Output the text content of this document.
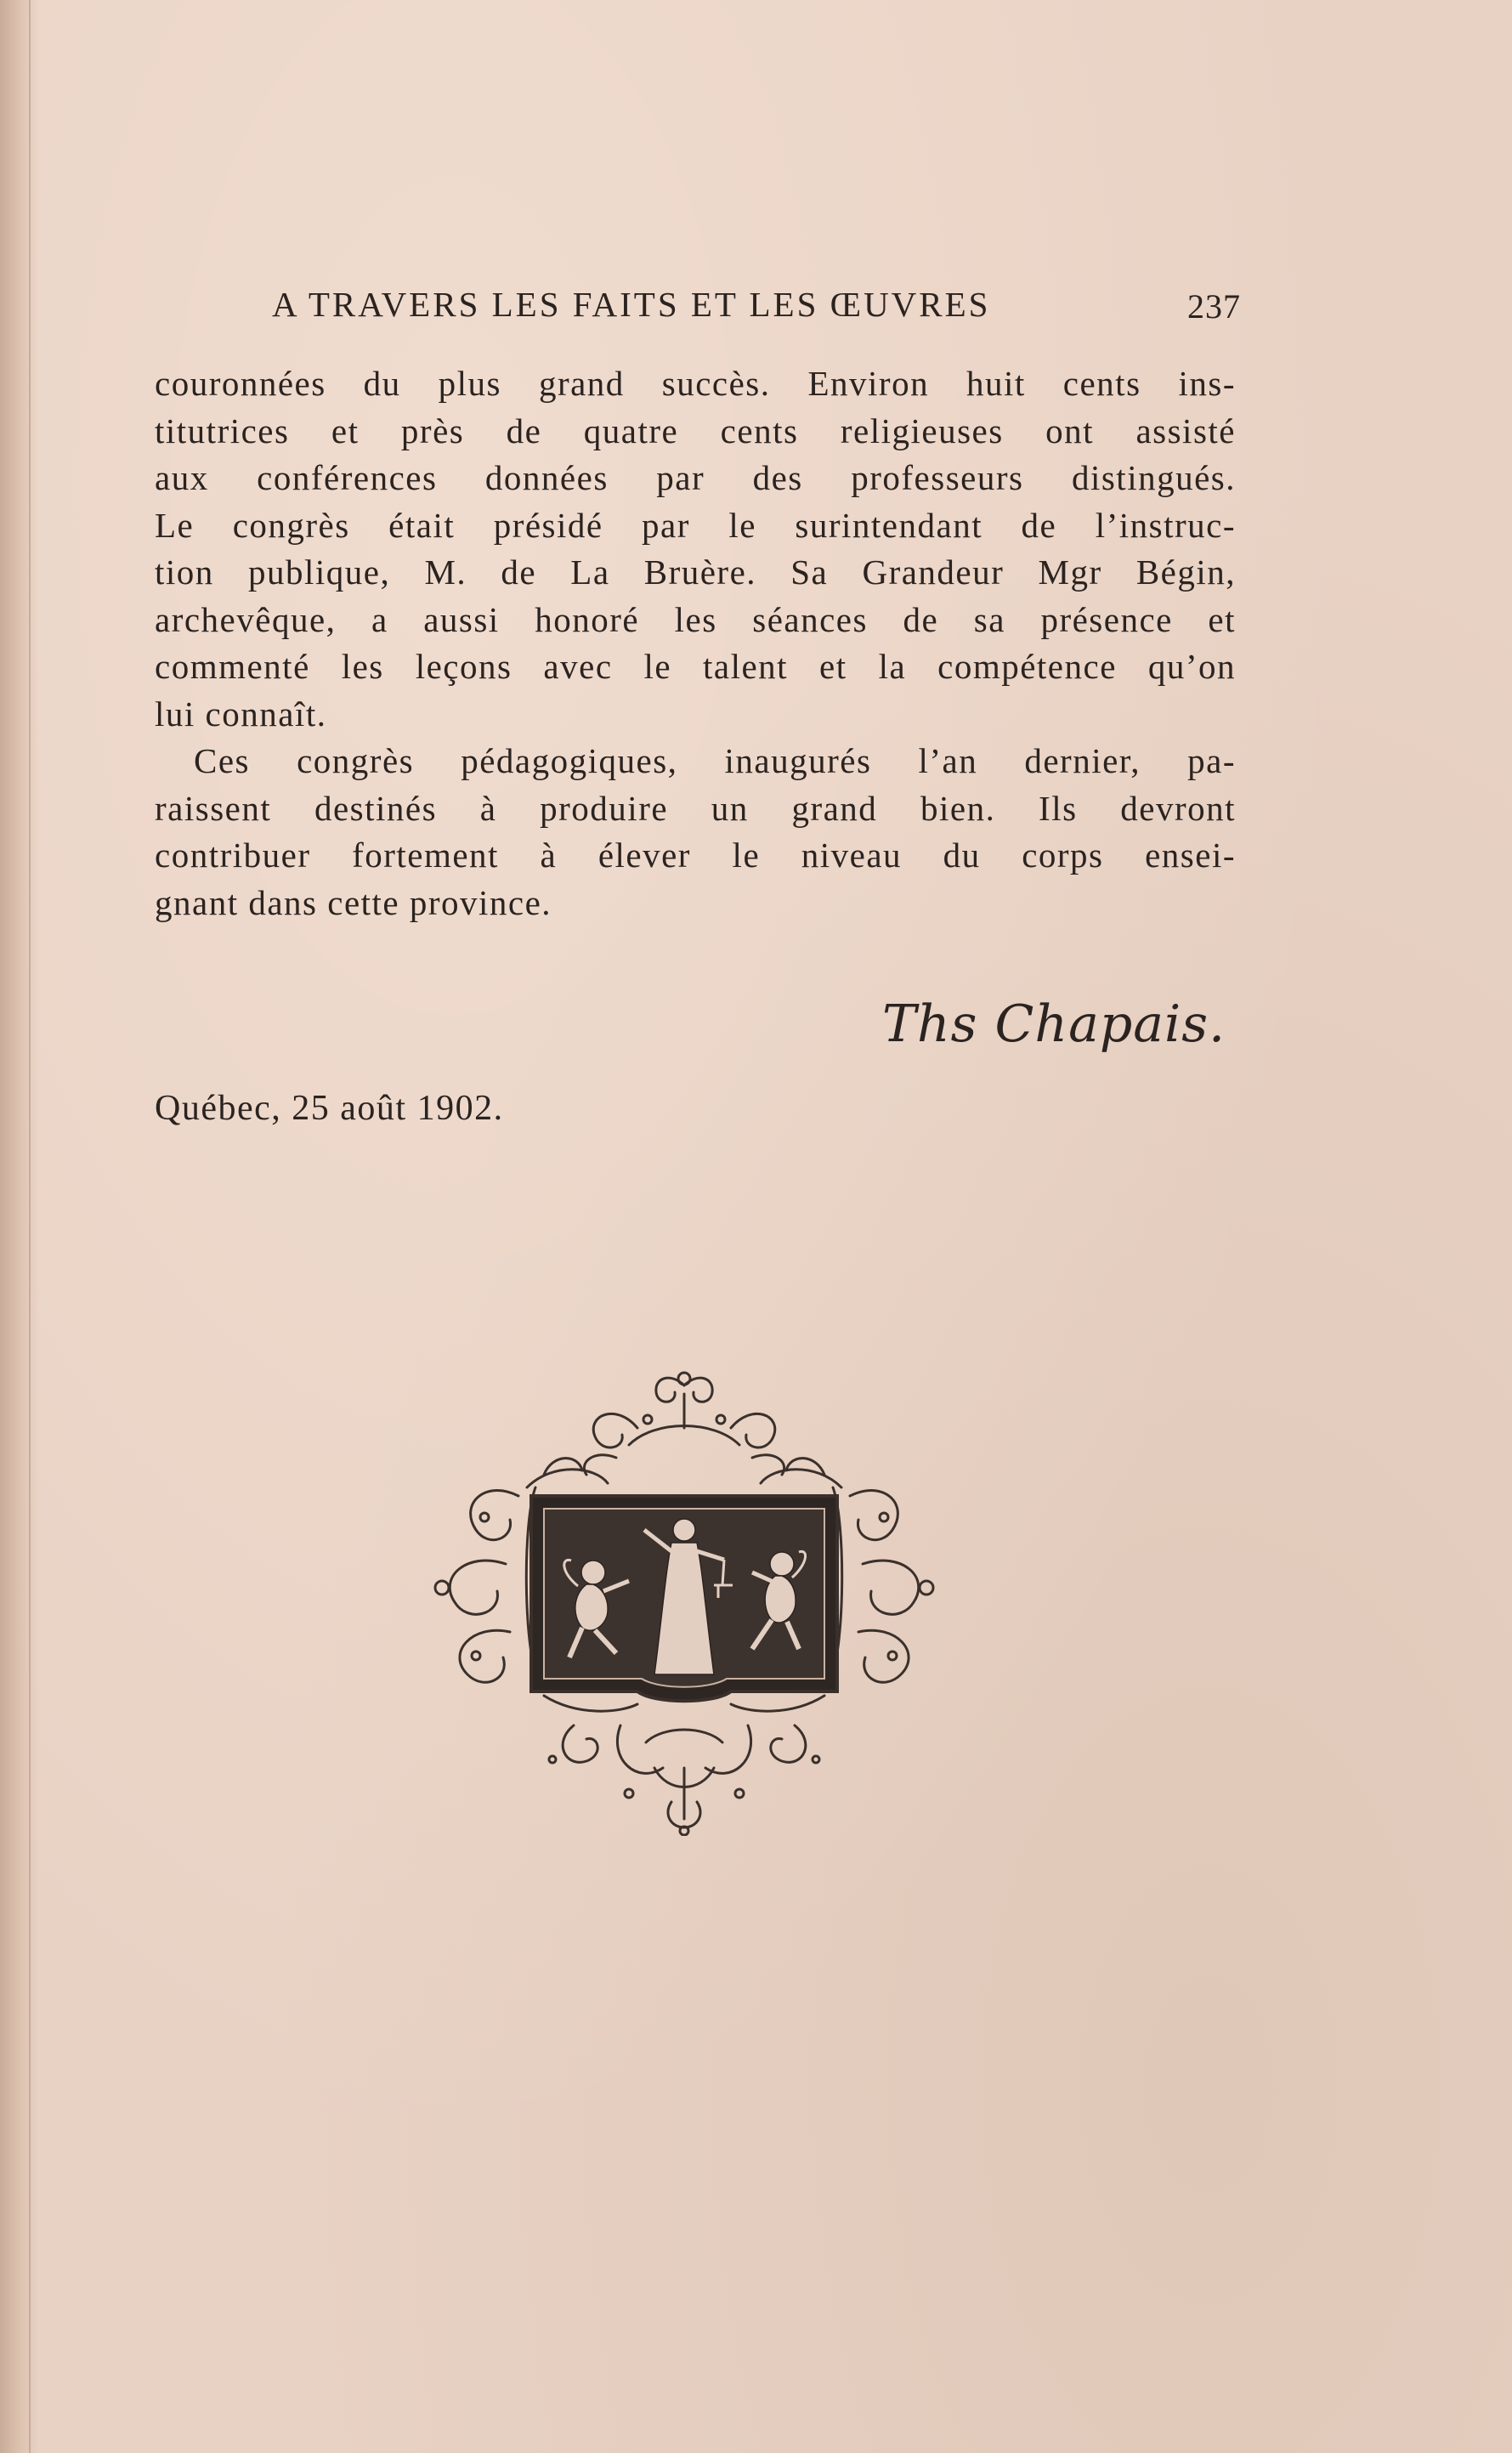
A TRAVERS LES FAITS ET LES ŒUVRES	237
couronnées du plus grand succès. Environ huit cents ins-
titutrices et près de quatre cents religieuses ont assisté
aux conférences données par des professeurs distingués.
Le congrès était présidé par le surintendant de l’instruc-
tion publique, M. de La Bruère. Sa Grandeur Mgr Bégin,
archevêque, a aussi honoré les séances de sa présence et
commenté les leçons avec le talent et la compétence qu’on
lui connaît.
Ces congrès pédagogiques, inaugurés l’an dernier, pa-
raissent destinés à produire un grand bien. Ils devront
contribuer fortement à élever le niveau du corps ensei-
gnant dans cette province.
Ths Chapais.
Québec, 25 août 1902.
